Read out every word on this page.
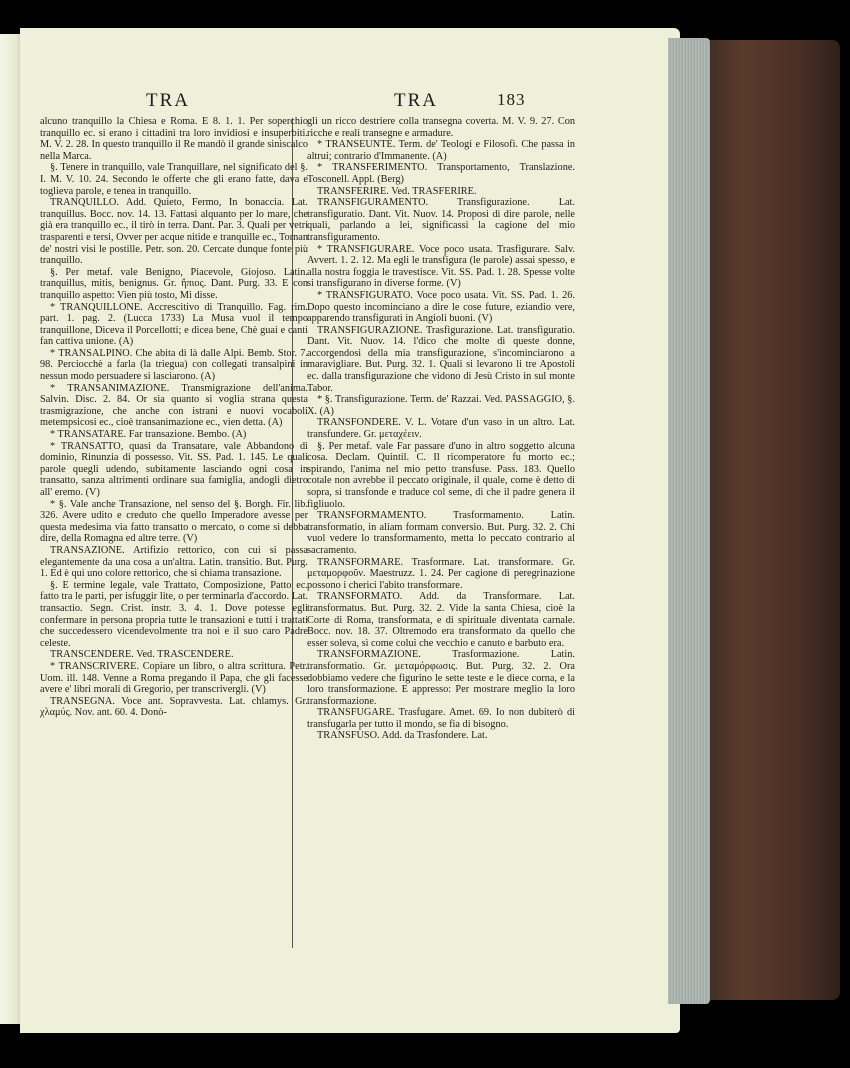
TRA	TRA	183

alcuno tranquillo la Chiesa e Roma. E 8. 1. 1. Per soperchio tranquillo ec. si erano i cittadini tra loro invidiosi e insuperbiti. M. V. 2. 28. In questo tranquillo il Re mandò il grande siniscalco nella Marca.

§. Tenere in tranquillo, vale Tranquillare, nel significato del §. I. M. V. 10. 24. Secondo le offerte che gli erano fatte, dava e toglieva parole, e tenea in tranquillo.

TRANQUILLO. Add. Quieto, Fermo, In bonaccia. Lat. tranquillus. Bocc. nov. 14. 13. Fattasi alquanto per lo mare, che già era tranquillo ec., il tirò in terra. Dant. Par. 3. Quali per vetri trasparenti e tersi, Ovver per acque nitide e tranquille ec., Tornan de' nostri visi le postille. Petr. son. 20. Cercate dunque fonte più tranquillo.

§. Per metaf. vale Benigno, Piacevole, Giojoso. Latin. tranquillus, mitis, benignus. Gr. ἤπιος. Dant. Purg. 33. E con tranquillo aspetto: Vien più tosto, Mi disse.

* TRANQUILLONE. Accrescitivo di Tranquillo. Fag. rim. part. 1. pag. 2. (Lucca 1733) La Musa vuol il tempo tranquillone, Diceva il Porcellotti; e dicea bene, Chè guai e canti fan cattiva unione. (A)

* TRANSALPINO. Che abita di là dalle Alpi. Bemb. Stor. 7. 98. Perciocchè a farla (la triegua) con collegati transalpini in nessun modo persuadere si lasciarono. (A)

* TRANSANIMAZIONE. Transmigrazione dell'anima. Salvin. Disc. 2. 84. Or sia quanto si voglia strana questa trasmigrazione, che anche con istrani e nuovi vocaboli metempsicosi ec., cioè transanimazione ec., vien detta. (A)

* TRANSATARE. Far transazione. Bembo. (A)

* TRANSATTO, quasi da Transatare, vale Abbandono di dominio, Rinunzia di possesso. Vit. SS. Pad. 1. 145. Le quali parole quegli udendo, subitamente lasciando ogni cosa in transatto, sanza altrimenti ordinare sua famiglia, andogli dietro all' eremo. (V)

* §. Vale anche Transazione, nel senso del §. Borgh. Fir. lib. 326. Avere udito e creduto che quello Imperadore avesse per questa medesima via fatto transatto o mercato, o come si debba dire, della Romagna ed altre terre. (V)

TRANSAZIONE. Artifizio rettorico, con cui si passa elegantemente da una cosa a un'altra. Latin. transitio. But. Purg. 1. Ed è qui uno colore rettorico, che si chiama transazione.

§. E termine legale, vale Trattato, Composizione, Patto ec. fatto tra le parti, per isfuggir lite, o per terminarla d'accordo. Lat. transactio. Segn. Crist. instr. 3. 4. 1. Dove potesse egli confermare in persona propria tutte le transazioni e tutti i trattati che succedessero vicendevolmente tra noi e il suo caro Padre celeste.

TRANSCENDERE. Ved. TRASCENDERE.

* TRANSCRIVERE. Copiare un libro, o altra scrittura. Petr. Uom. ill. 148. Venne a Roma pregando il Papa, che gli facesse avere e' libri morali di Gregorio, per transcrivergli. (V)

TRANSEGNA. Voce ant. Sopravvesta. Lat. chlamys. Gr. χλαμύς. Nov. ant. 60. 4. Donò-

gli un ricco destriere colla transegna coverta. M. V. 9. 27. Con ricche e reali transegne e armadure.

* TRANSEUNTE. Term. de' Teologi e Filosofi. Che passa in altrui; contrario d'Immanente. (A)

* TRANSFERIMENTO. Transportamento, Translazione. Tosconell. Appl. (Berg)

TRANSFERIRE. Ved. TRASFERIRE.

TRANSFIGURAMENTO. Transfigurazione. Lat. transfiguratio. Dant. Vit. Nuov. 14. Proposi di dire parole, nelle quali, parlando a lei, significassi la cagione del mio transfiguramento.

* TRANSFIGURARE. Voce poco usata. Trasfigurare. Salv. Avvert. 1. 2. 12. Ma egli le transfigura (le parole) assai spesso, e alla nostra foggia le travestisce. Vit. SS. Pad. 1. 28. Spesse volte si transfigurano in diverse forme. (V)

* TRANSFIGURATO. Voce poco usata. Vit. SS. Pad. 1. 26. Dopo questo incominciano a dire le cose future, eziandio vere, apparendo transfigurati in Angioli buoni. (V)

TRANSFIGURAZIONE. Trasfigurazione. Lat. transfiguratio. Dant. Vit. Nuov. 14. l'dico che molte di queste donne, accorgendosi della mia transfigurazione, s'incominciarono a maravigliare. But. Purg. 32. 1. Quali si levarono li tre Apostoli ec. dalla transfigurazione che vidono di Jesù Cristo in sul monte Tabor.

* §. Transfigurazione. Term. de' Razzai. Ved. PASSAGGIO, §. X. (A)

TRANSFONDERE. V. L. Votare d'un vaso in un altro. Lat. transfundere. Gr. μεταχέειν.

§. Per metaf. vale Far passare d'uno in altro soggetto alcuna cosa. Declam. Quintil. C. Il ricomperatore fu morto ec.; spirando, l'anima nel mio petto transfuse. Pass. 183. Quello cotale non avrebbe il peccato originale, il quale, come è detto di sopra, si transfonde e traduce col seme, di che il padre genera il figliuolo.

TRANSFORMAMENTO. Trasformamento. Latin. transformatio, in aliam formam conversio. But. Purg. 32. 2. Chi vuol vedere lo transformamento, metta lo peccato contrario al sacramento.

TRANSFORMARE. Trasformare. Lat. transformare. Gr. μεταμορφοῦν. Maestruzz. 1. 24. Per cagione di peregrinazione possono i cherici l'abito transformare.

TRANSFORMATO. Add. da Transformare. Lat. transformatus. But. Purg. 32. 2. Vide la santa Chiesa, cioè la Corte di Roma, transformata, e di spirituale diventata carnale. Bocc. nov. 18. 37. Oltremodo era transformato da quello che esser soleva, sì come colui che vecchio e canuto e barbuto era.

TRANSFORMAZIONE. Trasformazione. Latin. transformatio. Gr. μεταμόρφωσις. But. Purg. 32. 2. Ora dobbiamo vedere che figurino le sette teste e le diece corna, e la loro transformazione. E appresso: Per mostrare meglio la loro transformazione.

TRANSFUGARE. Trasfugare. Amet. 69. Io non dubiterò di transfugarla per tutto il mondo, se fia di bisogno.

TRANSFUSO. Add. da Trasfondere. Lat.
